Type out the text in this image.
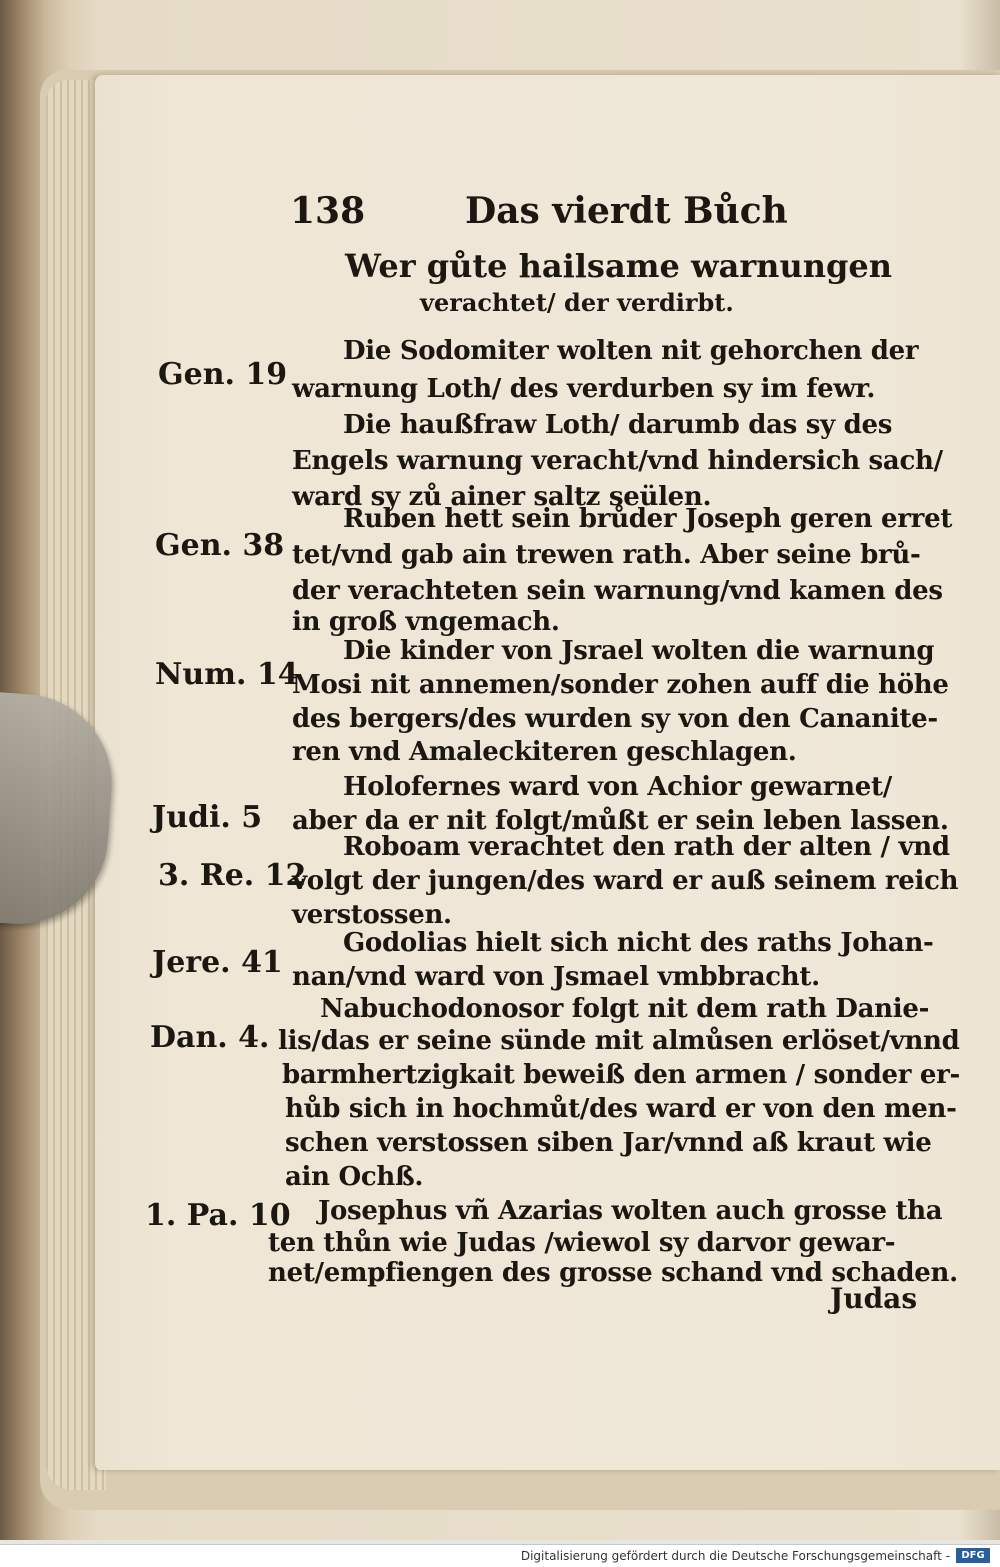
138	Das vierdt Bůch
Wer gůte hailsame warnungen
verachtet/ der verdirbt.
Gen. 19
Gen. 38
Num. 14
Judi. 5
3. Re. 12
Jere. 41
Dan. 4.
1. Pa. 10
Die Sodomiter wolten nit gehorchen der
warnung Loth/ des verdurben sy im fewr.
Die haußfraw Loth/ darumb das sy des
Engels warnung veracht/vnd hindersich sach/
ward sy zů ainer saltz seülen.
Ruben hett sein brůder Joseph geren erret
tet/vnd gab ain trewen rath. Aber seine brů-
der verachteten sein warnung/vnd kamen des
in groß vngemach.
Die kinder von Jsrael wolten die warnung
Mosi nit annemen/sonder zohen auff die höhe
des bergers/des wurden sy von den Cananite-
ren vnd Amaleckiteren geschlagen.
Holofernes ward von Achior gewarnet/
aber da er nit folgt/můßt er sein leben lassen.
Roboam verachtet den rath der alten / vnd
volgt der jungen/des ward er auß seinem reich
verstossen.
Godolias hielt sich nicht des raths Johan-
nan/vnd ward von Jsmael vmbbracht.
Nabuchodonosor folgt nit dem rath Danie-
lis/das er seine sünde mit almůsen erlöset/vnnd
barmhertzigkait beweiß den armen / sonder er-
hůb sich in hochmůt/des ward er von den men-
schen verstossen siben Jar/vnnd aß kraut wie
ain Ochß.
Josephus vñ Azarias wolten auch grosse tha
ten thůn wie Judas /wiewol sy darvor gewar-
net/empfiengen des grosse schand vnd schaden.
Judas
Digitalisierung gefördert durch die Deutsche Forschungsgemeinschaft -	DFG
